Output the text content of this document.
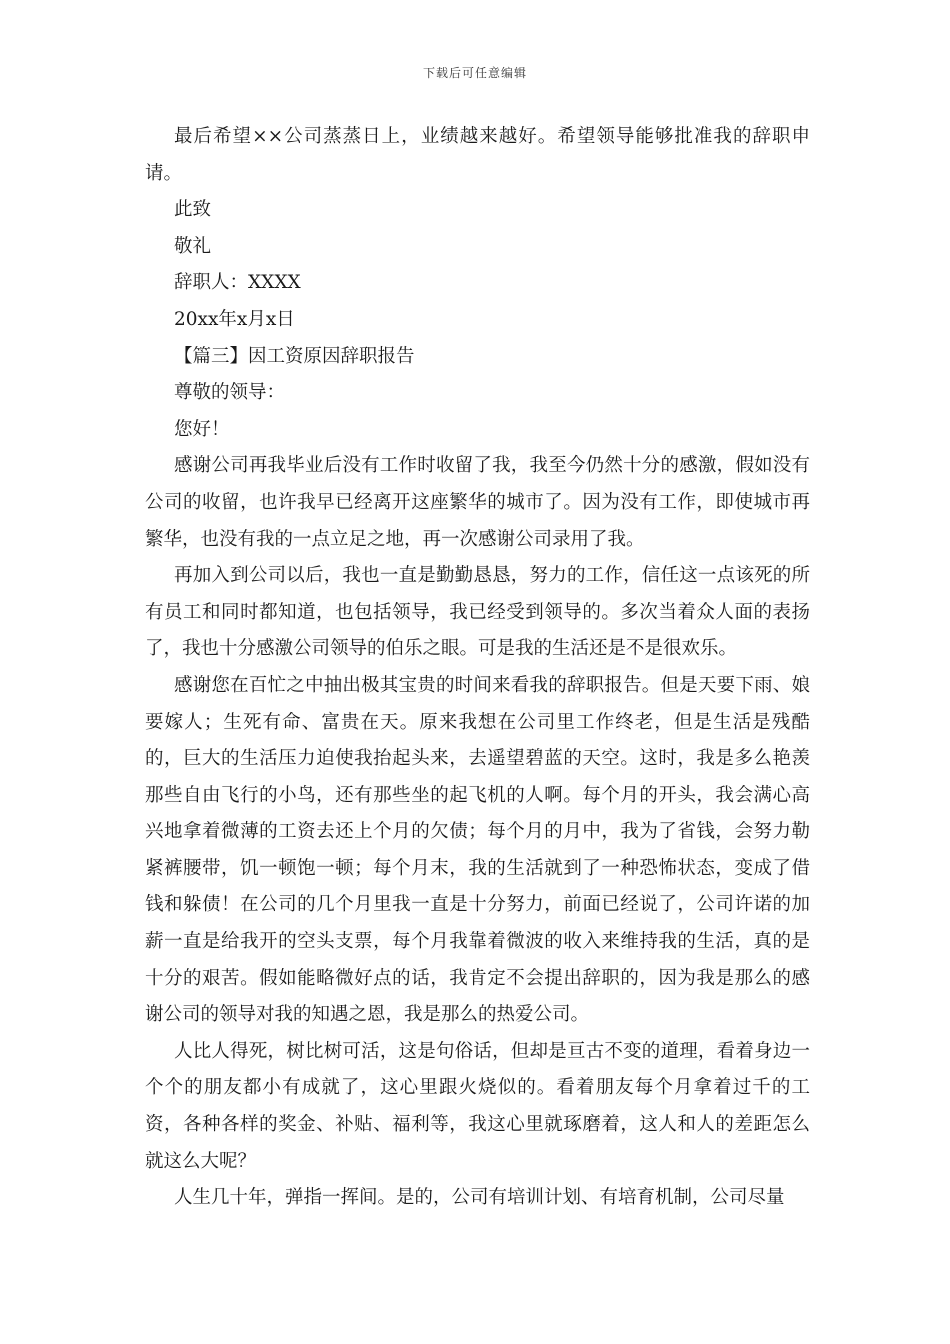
下载后可任意编辑

最后希望××公司蒸蒸日上，业绩越来越好。希望领导能够批准我的辞职申请。

此致

敬礼

辞职人：XXXX

20xx年x月x日

【篇三】因工资原因辞职报告

尊敬的领导：

您好！

感谢公司再我毕业后没有工作时收留了我，我至今仍然十分的感激，假如没有公司的收留，也许我早已经离开这座繁华的城市了。因为没有工作，即使城市再繁华，也没有我的一点立足之地，再一次感谢公司录用了我。

再加入到公司以后，我也一直是勤勤恳恳，努力的工作，信任这一点该死的所有员工和同时都知道，也包括领导，我已经受到领导的。多次当着众人面的表扬了，我也十分感激公司领导的伯乐之眼。可是我的生活还是不是很欢乐。

感谢您在百忙之中抽出极其宝贵的时间来看我的辞职报告。但是天要下雨、娘要嫁人；生死有命、富贵在天。原来我想在公司里工作终老，但是生活是残酷的，巨大的生活压力迫使我抬起头来，去遥望碧蓝的天空。这时，我是多么艳羡那些自由飞行的小鸟，还有那些坐的起飞机的人啊。每个月的开头，我会满心高兴地拿着微薄的工资去还上个月的欠债；每个月的月中，我为了省钱，会努力勒紧裤腰带，饥一顿饱一顿；每个月末，我的生活就到了一种恐怖状态，变成了借钱和躲债！在公司的几个月里我一直是十分努力，前面已经说了，公司许诺的加薪一直是给我开的空头支票，每个月我靠着微波的收入来维持我的生活，真的是十分的艰苦。假如能略微好点的话，我肯定不会提出辞职的，因为我是那么的感谢公司的领导对我的知遇之恩，我是那么的热爱公司。

人比人得死，树比树可活，这是句俗话，但却是亘古不变的道理，看着身边一个个的朋友都小有成就了，这心里跟火烧似的。看着朋友每个月拿着过千的工资，各种各样的奖金、补贴、福利等，我这心里就琢磨着，这人和人的差距怎么就这么大呢？

人生几十年，弹指一挥间。是的，公司有培训计划、有培育机制，公司尽量
